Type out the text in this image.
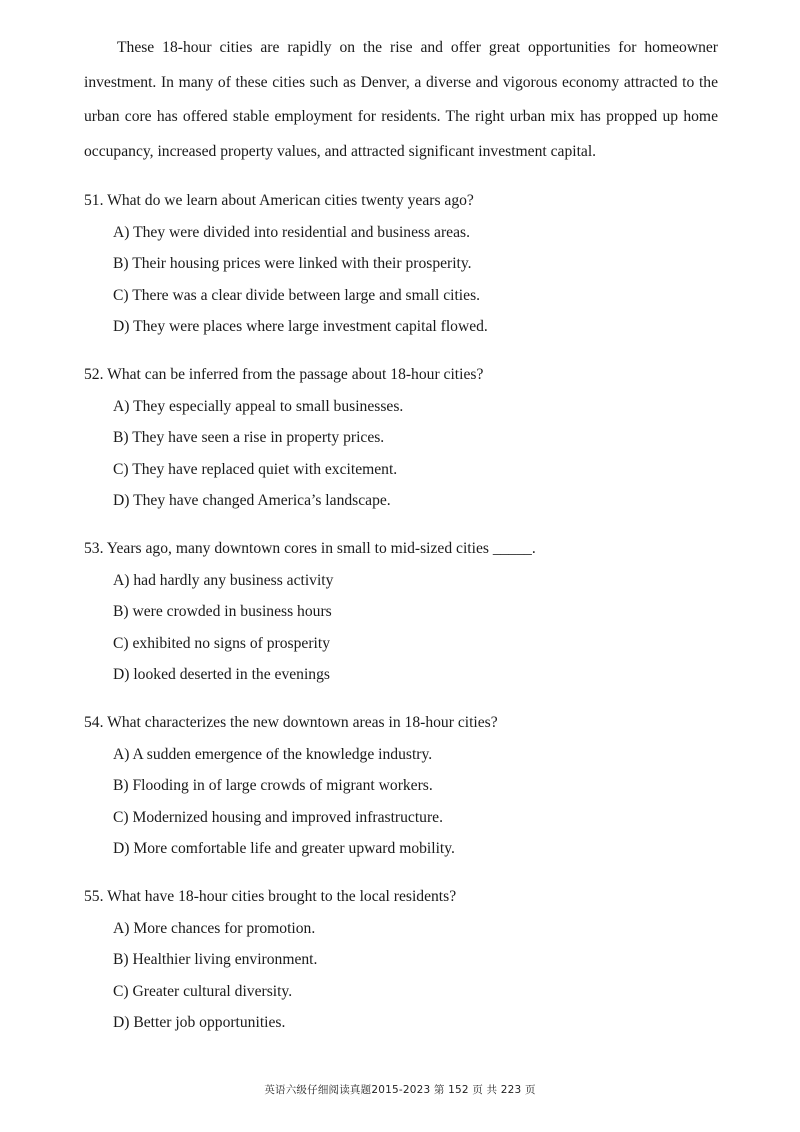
These 18-hour cities are rapidly on the rise and offer great opportunities for homeowner investment. In many of these cities such as Denver, a diverse and vigorous economy attracted to the urban core has offered stable employment for residents. The right urban mix has propped up home occupancy, increased property values, and attracted significant investment capital.

51. What do we learn about American cities twenty years ago?
A) They were divided into residential and business areas.
B) Their housing prices were linked with their prosperity.
C) There was a clear divide between large and small cities.
D) They were places where large investment capital flowed.
52. What can be inferred from the passage about 18-hour cities?
A) They especially appeal to small businesses.
B) They have seen a rise in property prices.
C) They have replaced quiet with excitement.
D) They have changed America’s landscape.
53. Years ago, many downtown cores in small to mid-sized cities _____.
A) had hardly any business activity
B) were crowded in business hours
C) exhibited no signs of prosperity
D) looked deserted in the evenings
54. What characterizes the new downtown areas in 18-hour cities?
A) A sudden emergence of the knowledge industry.
B) Flooding in of large crowds of migrant workers.
C) Modernized housing and improved infrastructure.
D) More comfortable life and greater upward mobility.
55. What have 18-hour cities brought to the local residents?
A) More chances for promotion.
B) Healthier living environment.
C) Greater cultural diversity.
D) Better job opportunities.
英语六级仔细阅读真题2015-2023 第 152 页 共 223 页
